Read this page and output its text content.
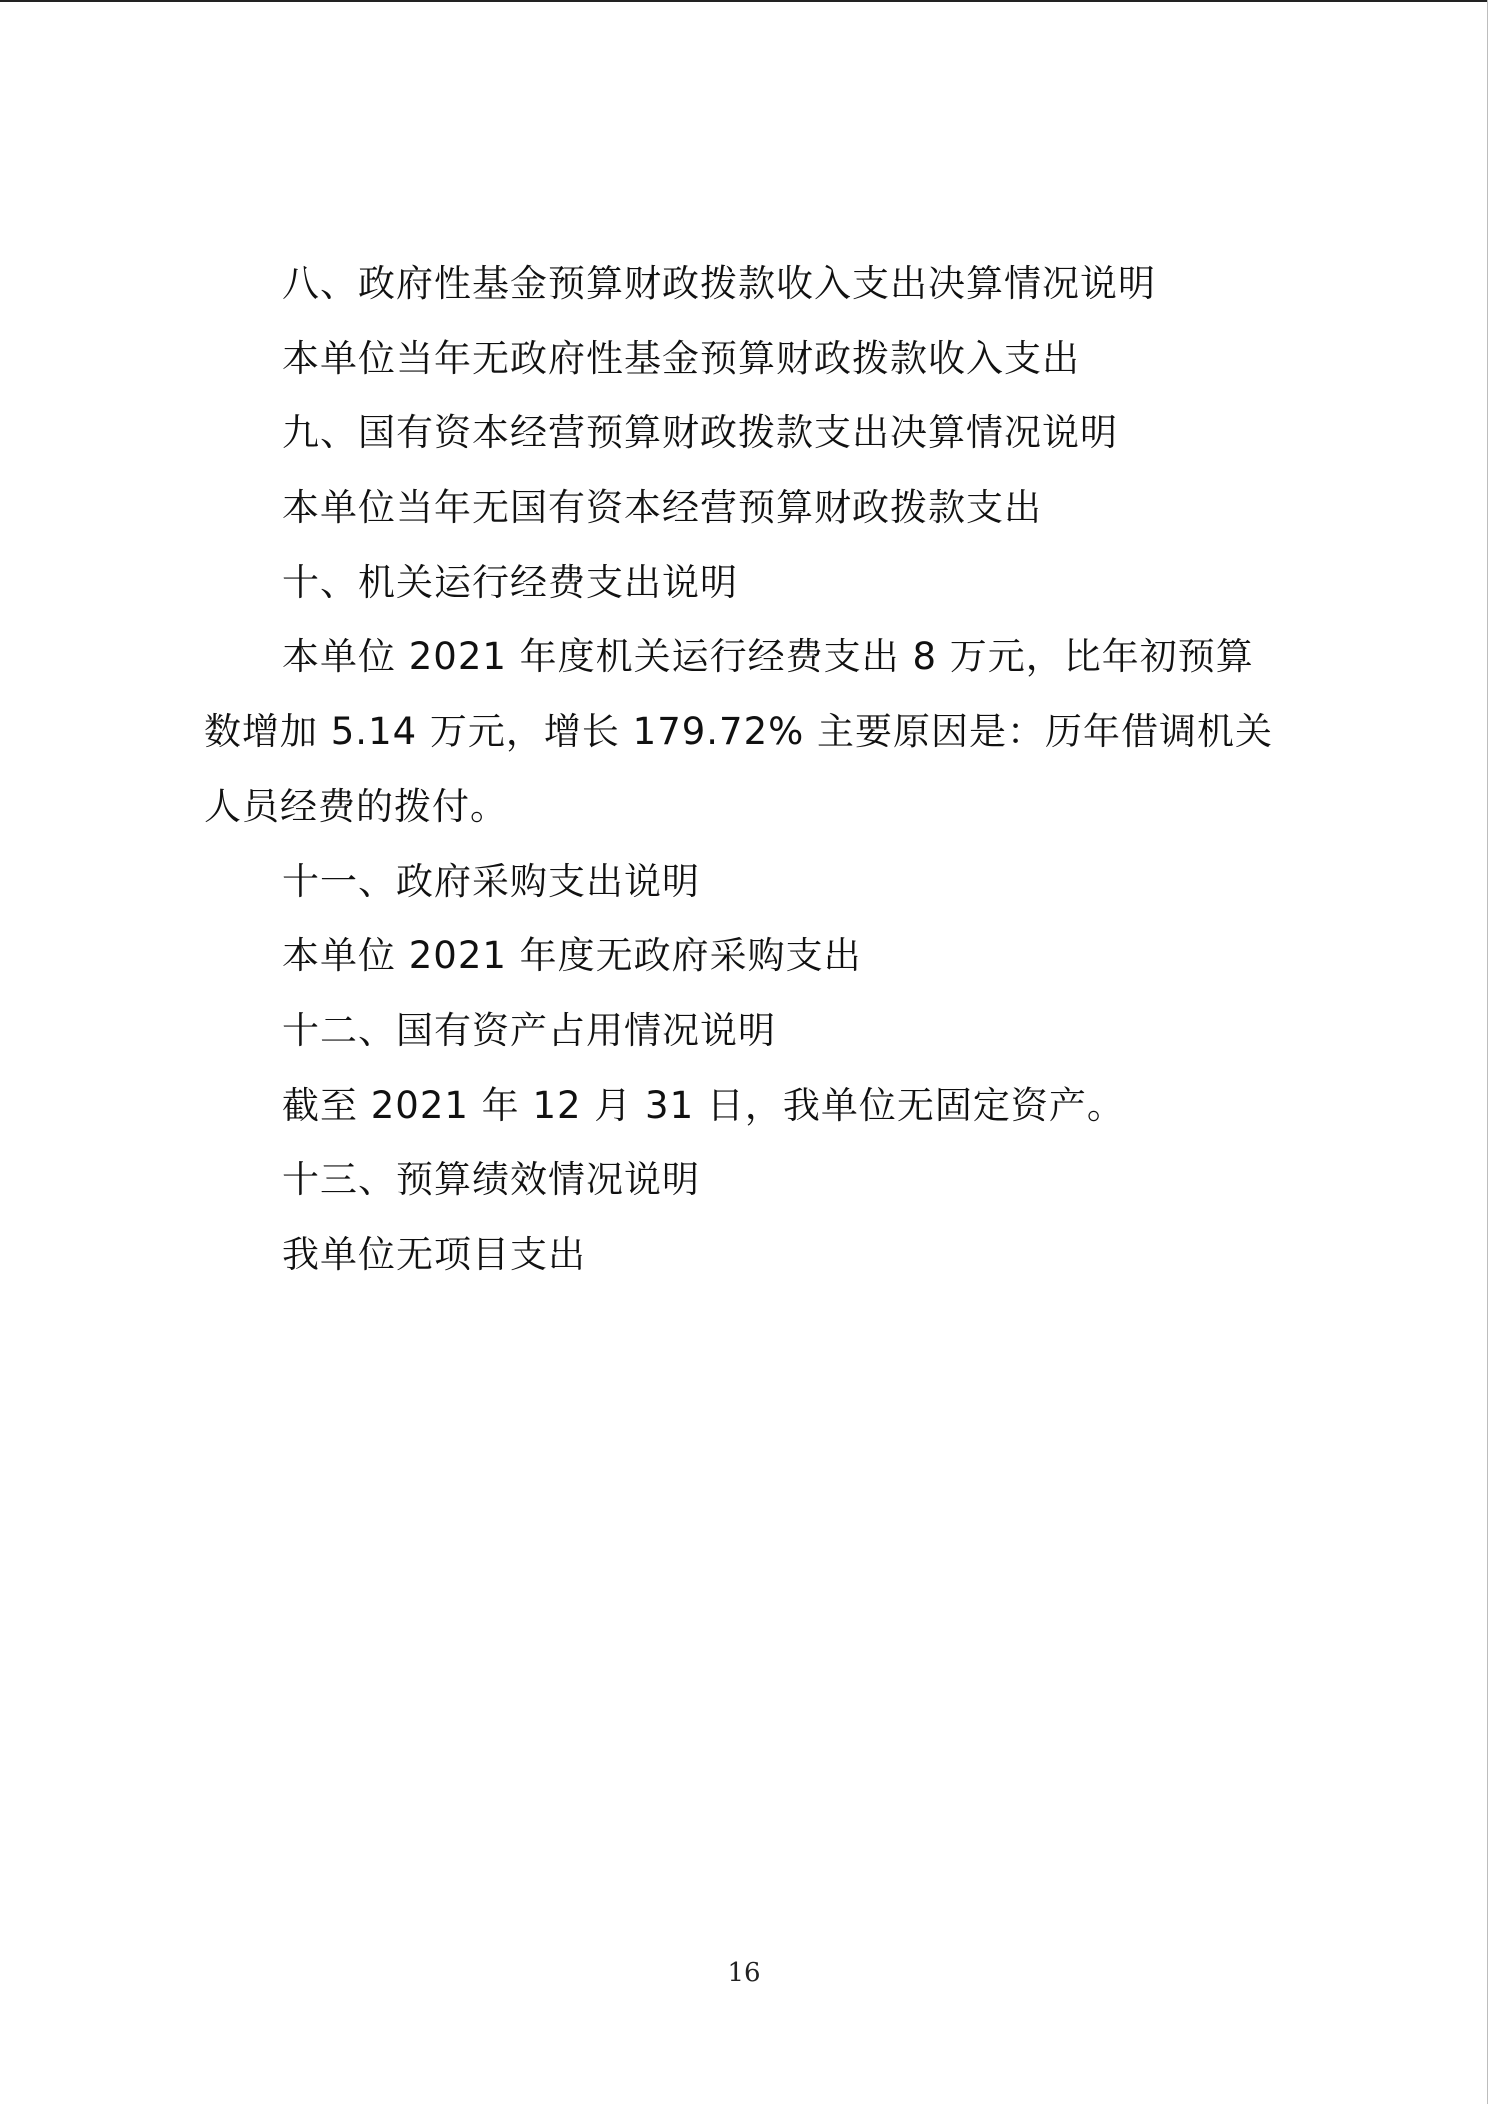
八、政府性基金预算财政拨款收入支出决算情况说明
本单位当年无政府性基金预算财政拨款收入支出
九、国有资本经营预算财政拨款支出决算情况说明
本单位当年无国有资本经营预算财政拨款支出
十、机关运行经费支出说明
本单位 2021 年度机关运行经费支出 8 万元，比年初预算数增加 5.14 万元，增长 179.72% 主要原因是：历年借调机关人员经费的拨付。
十一、政府采购支出说明
本单位 2021 年度无政府采购支出
十二、国有资产占用情况说明
截至 2021 年 12 月 31 日，我单位无固定资产。
十三、预算绩效情况说明
我单位无项目支出
16
